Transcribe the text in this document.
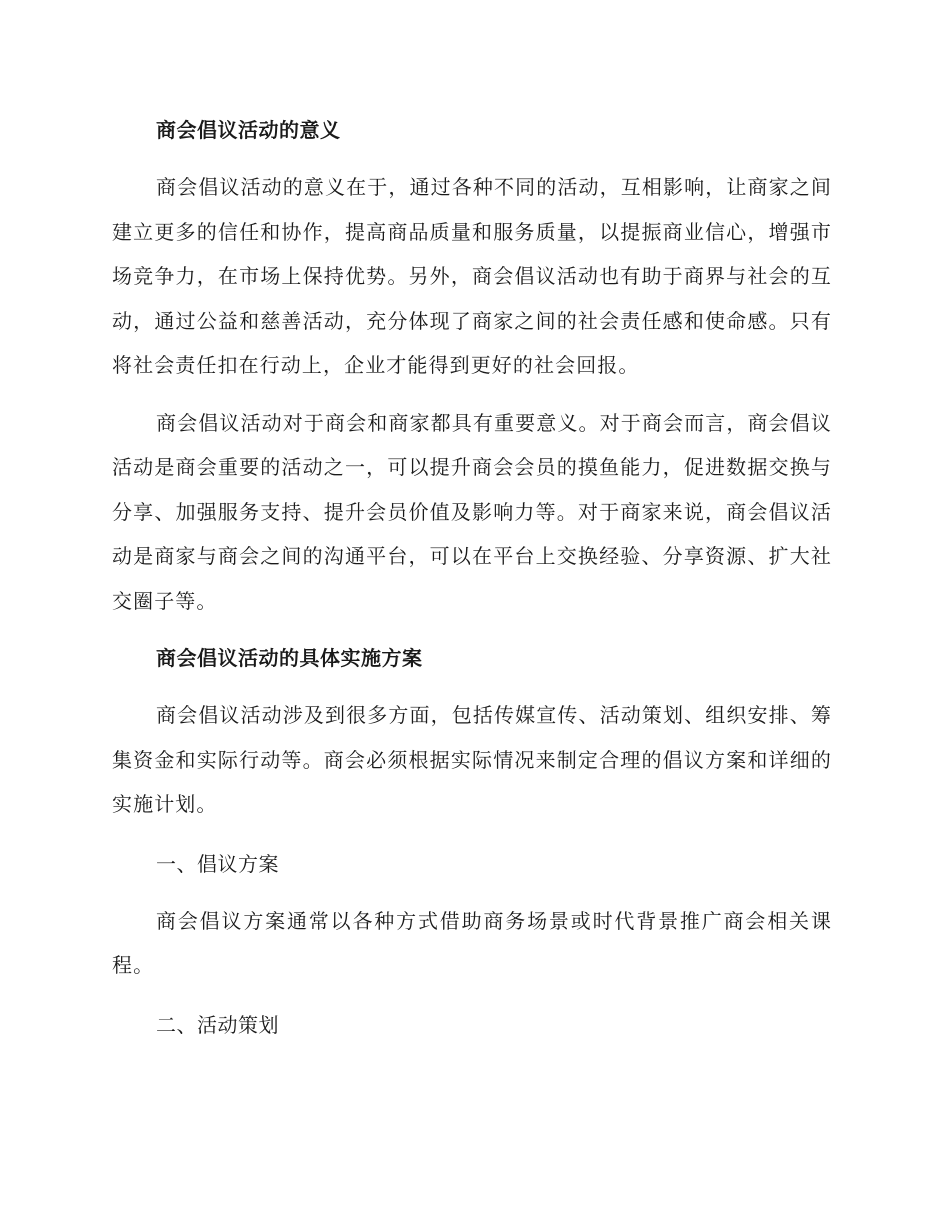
商会倡议活动的意义

商会倡议活动的意义在于，通过各种不同的活动，互相影响，让商家之间建立更多的信任和协作，提高商品质量和服务质量，以提振商业信心，增强市场竞争力，在市场上保持优势。另外，商会倡议活动也有助于商界与社会的互动，通过公益和慈善活动，充分体现了商家之间的社会责任感和使命感。只有将社会责任扣在行动上，企业才能得到更好的社会回报。

商会倡议活动对于商会和商家都具有重要意义。对于商会而言，商会倡议活动是商会重要的活动之一，可以提升商会会员的摸鱼能力，促进数据交换与分享、加强服务支持、提升会员价值及影响力等。对于商家来说，商会倡议活动是商家与商会之间的沟通平台，可以在平台上交换经验、分享资源、扩大社交圈子等。

商会倡议活动的具体实施方案

商会倡议活动涉及到很多方面，包括传媒宣传、活动策划、组织安排、筹集资金和实际行动等。商会必须根据实际情况来制定合理的倡议方案和详细的实施计划。

一、倡议方案

商会倡议方案通常以各种方式借助商务场景或时代背景推广商会相关课程。

二、活动策划
